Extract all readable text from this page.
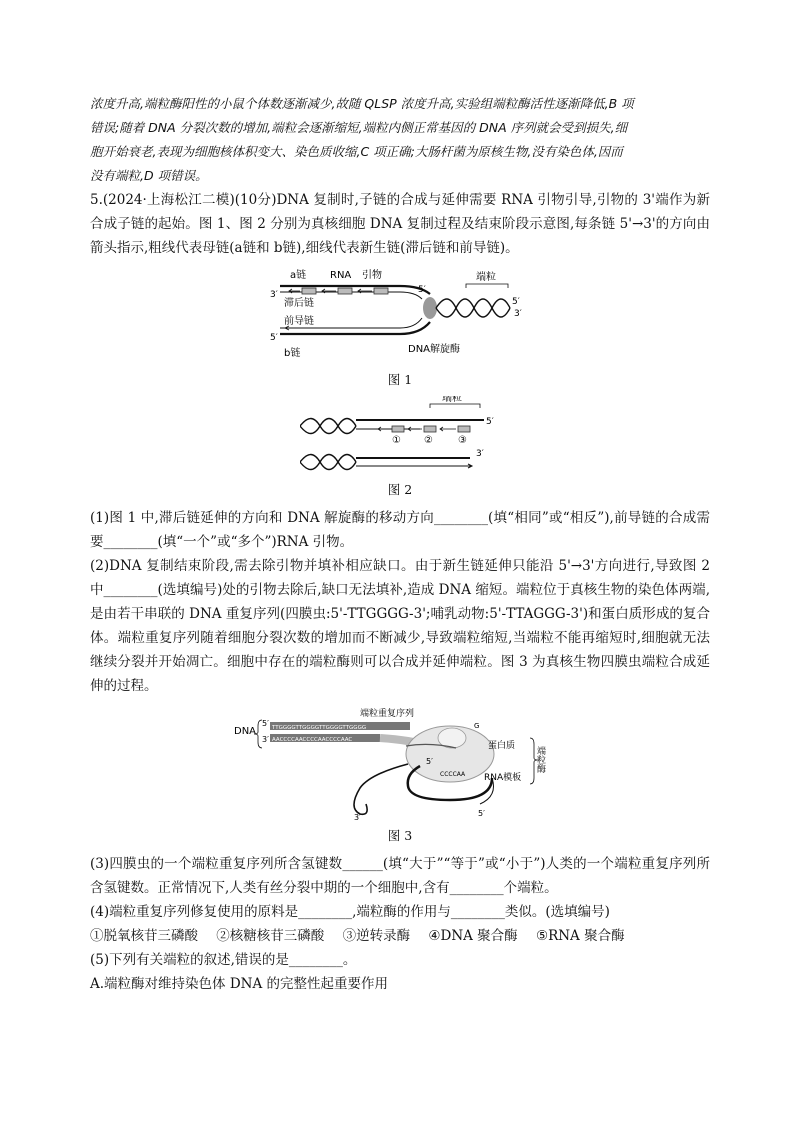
浓度升高,端粒酶阳性的小鼠个体数逐渐减少,故随 QLSP 浓度升高,实验组端粒酶活性逐渐降低,B 项

错误;随着 DNA 分裂次数的增加,端粒会逐渐缩短,端粒内侧正常基因的 DNA 序列就会受到损失,细

胞开始衰老,表现为细胞核体积变大、染色质收缩,C 项正确;大肠杆菌为原核生物,没有染色体,因而

没有端粒,D 项错误。

5.(2024·上海松江二模)(10分)DNA 复制时,子链的合成与延伸需要 RNA 引物引导,引物的 3'端作为新合成子链的起始。图 1、图 2 分别为真核细胞 DNA 复制过程及结束阶段示意图,每条链 5'→3'的方向由箭头指示,粗线代表母链(a链和 b链),细线代表新生链(滞后链和前导链)。

端粒
a链 RNA 引物
3′
滞后链
前导链
5′
b链
5′
DNA解旋酶
5′
3′
图 1
端粒
① ②	③
5′
3′
图 2

(1)图 1 中,滞后链延伸的方向和 DNA 解旋酶的移动方向________(填“相同”或“相反”),前导链的合成需要________(填“一个”或“多个”)RNA 引物。

(2)DNA 复制结束阶段,需去除引物并填补相应缺口。由于新生链延伸只能沿 5'→3'方向进行,导致图 2 中________(选填编号)处的引物去除后,缺口无法填补,造成 DNA 缩短。端粒位于真核生物的染色体两端,是由若干串联的 DNA 重复序列(四膜虫:5'-TTGGGG-3';哺乳动物:5'-TTAGGG-3')和蛋白质形成的复合体。端粒重复序列随着细胞分裂次数的增加而不断减少,导致端粒缩短,当端粒不能再缩短时,细胞就无法继续分裂并开始凋亡。细胞中存在的端粒酶则可以合成并延伸端粒。图 3 为真核生物四膜虫端粒合成延伸的过程。

端粒重复序列
DNA
5′
3′
TTGGGGTTGGGGTTGGGGTTGGGG
AACCCCAACCCCAACCCCAAC
G
5′
CCCCAA
3′	5′
蛋白质
RNA模板
端粒酶
图 3

(3)四膜虫的一个端粒重复序列所含氢键数______(填“大于”“等于”或“小于”)人类的一个端粒重复序列所含氢键数。正常情况下,人类有丝分裂中期的一个细胞中,含有________个端粒。

(4)端粒重复序列修复使用的原料是________,端粒酶的作用与________类似。(选填编号)

①脱氧核苷三磷酸 ②核糖核苷三磷酸 ③逆转录酶 ④DNA 聚合酶 ⑤RNA 聚合酶

(5)下列有关端粒的叙述,错误的是________。

A.端粒酶对维持染色体 DNA 的完整性起重要作用
